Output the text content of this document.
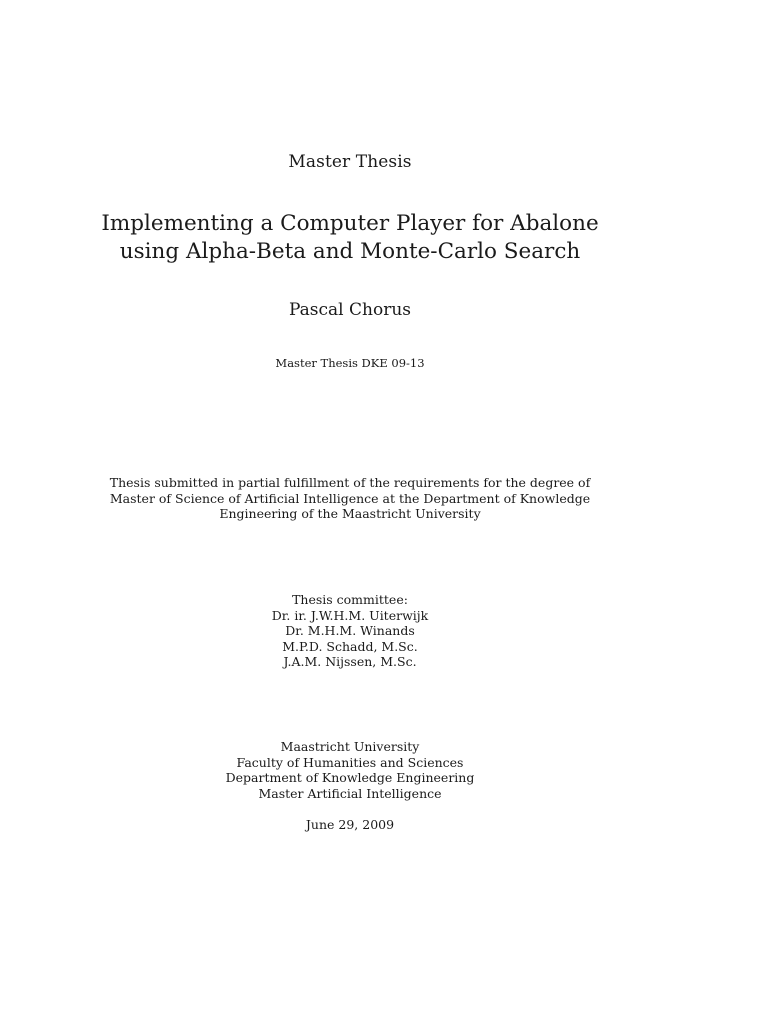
Master Thesis
Implementing a Computer Player for Abalone
using Alpha-Beta and Monte-Carlo Search
Pascal Chorus
Master Thesis DKE 09-13
Thesis submitted in partial fulfillment of the requirements for the degree of
Master of Science of Artificial Intelligence at the Department of Knowledge
Engineering of the Maastricht University
Thesis committee:
Dr. ir. J.W.H.M. Uiterwijk
Dr. M.H.M. Winands
M.P.D. Schadd, M.Sc.
J.A.M. Nijssen, M.Sc.
Maastricht University
Faculty of Humanities and Sciences
Department of Knowledge Engineering
Master Artificial Intelligence
June 29, 2009
